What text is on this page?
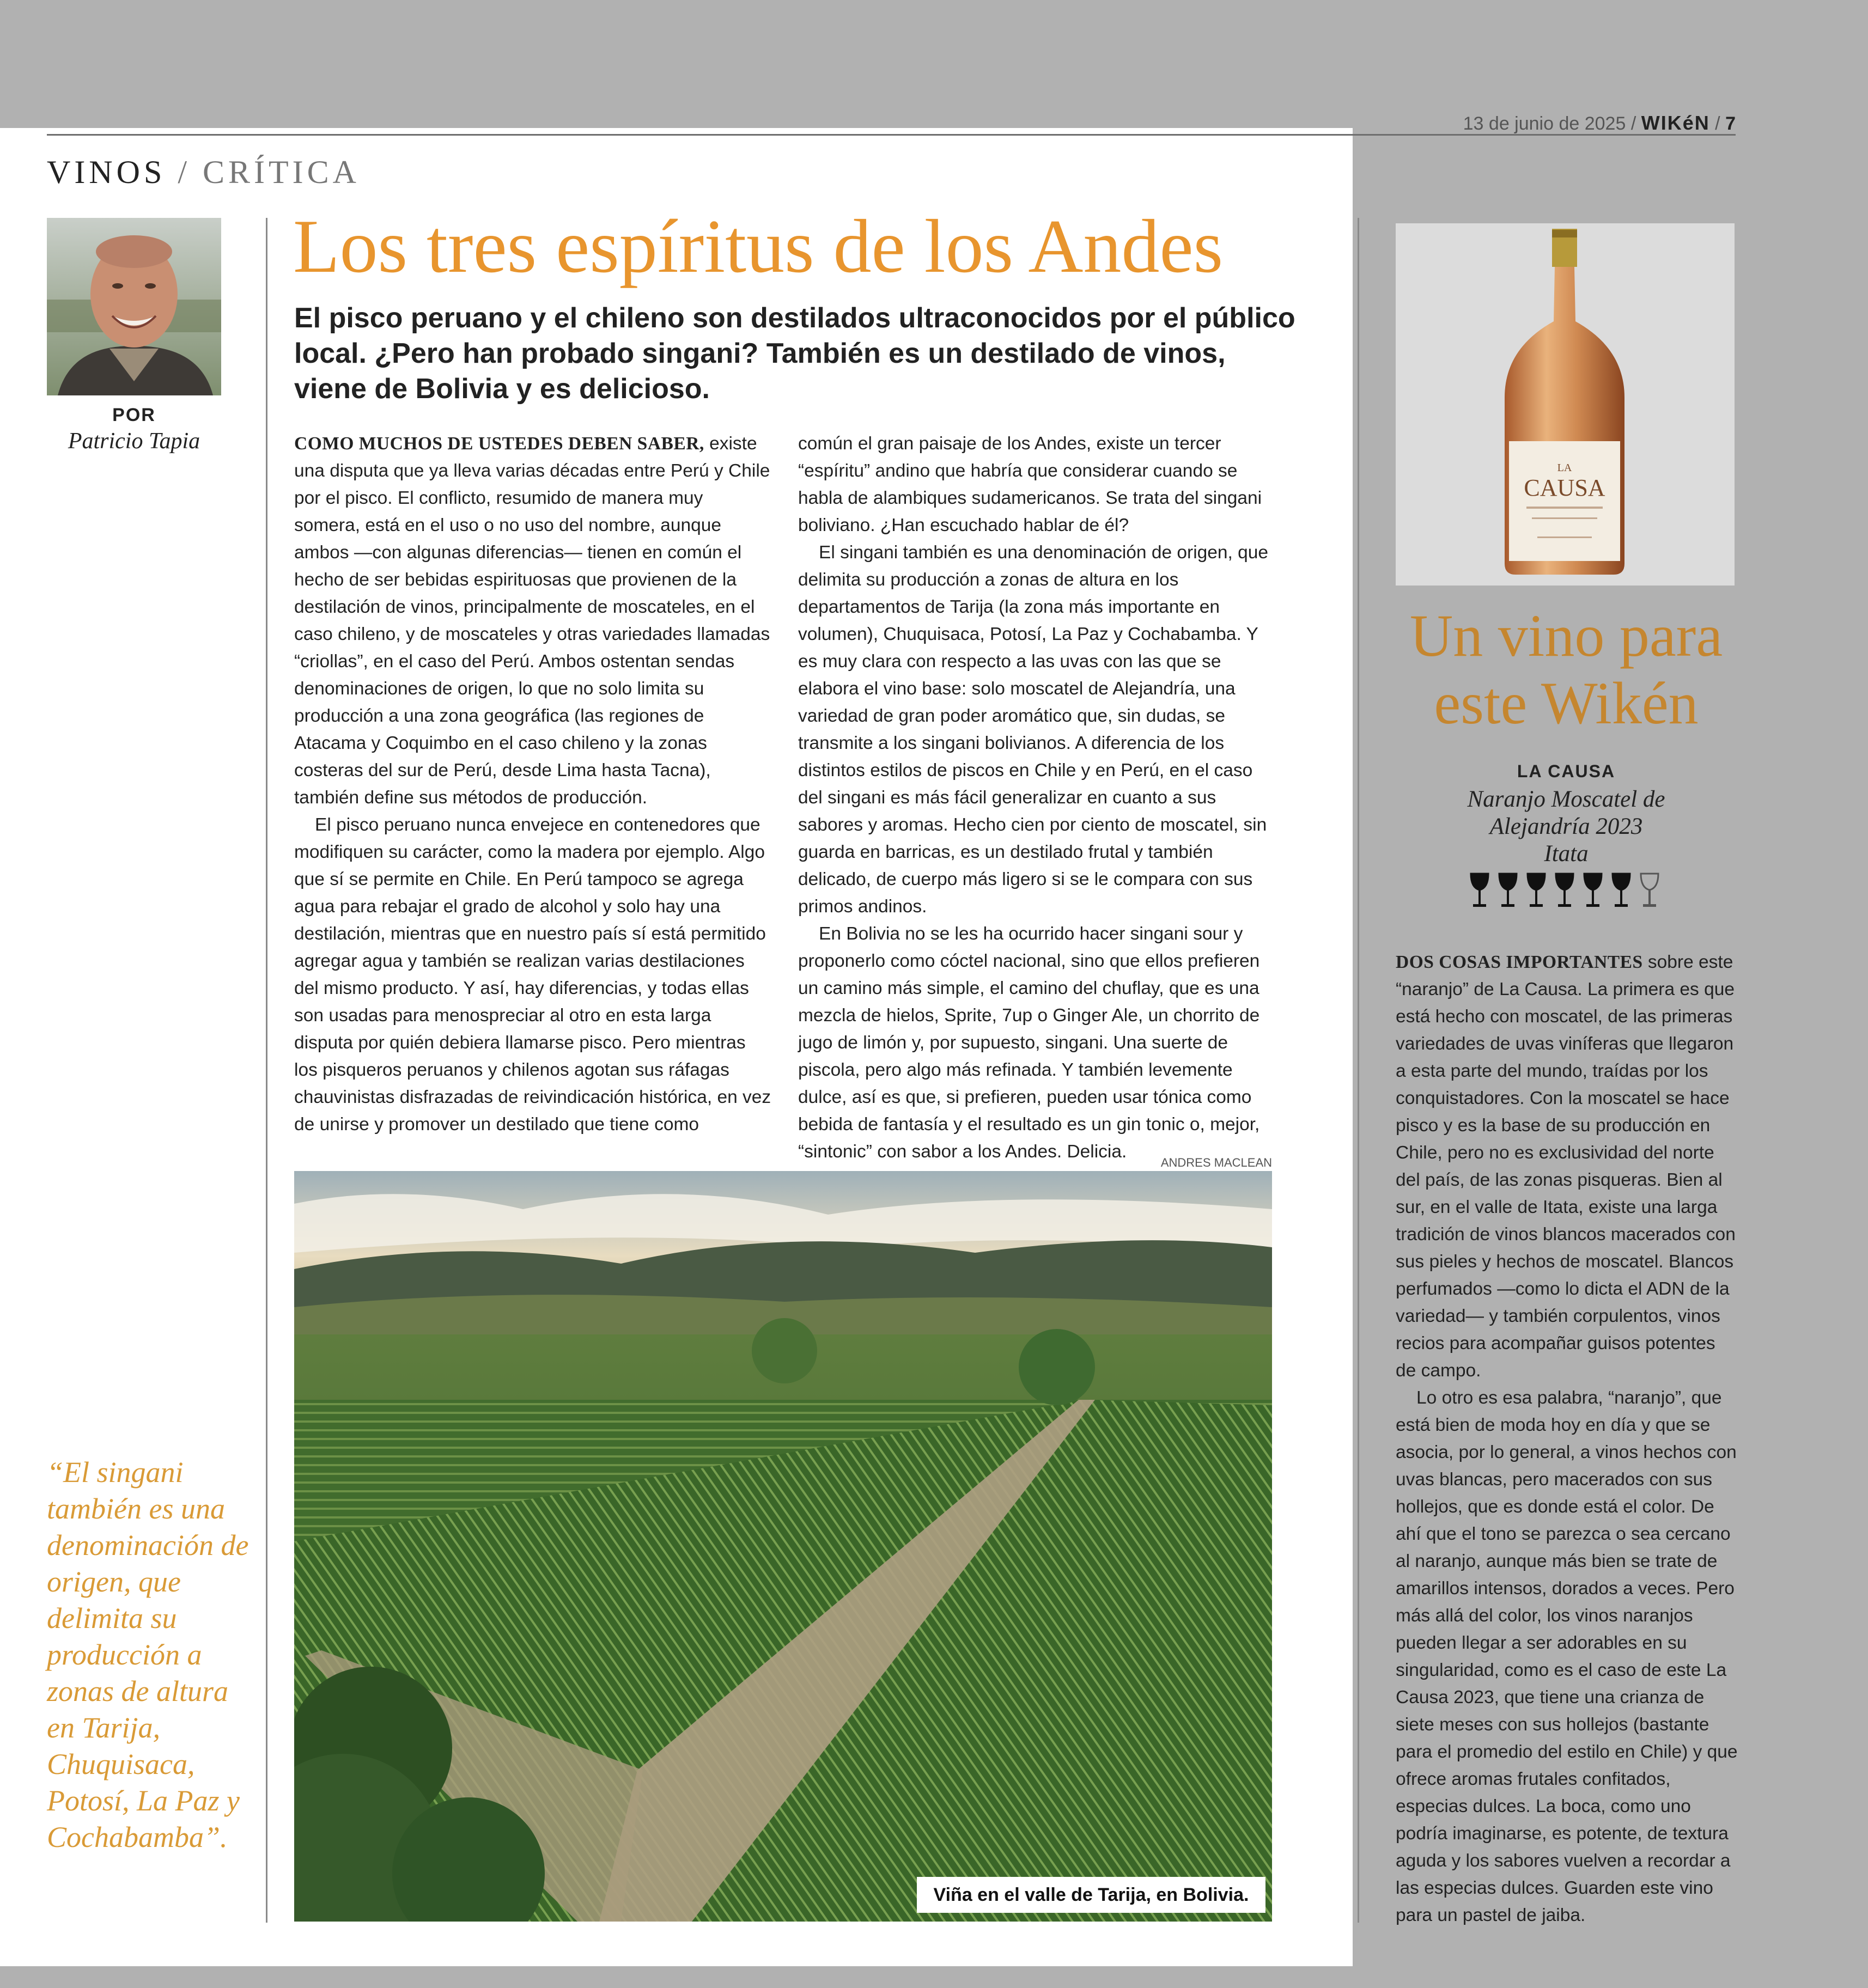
13 de junio de 2025 / WIKéN / 7
VINOS / CRÍTICA
POR
Patricio Tapia
Los tres espíritus de los Andes
El pisco peruano y el chileno son destilados ultraconocidos por el público local. ¿Pero han probado singani? También es un destilado de vinos, viene de Bolivia y es delicioso.

COMO MUCHOS DE USTEDES DEBEN SABER, existe una disputa que ya lleva varias décadas entre Perú y Chile por el pisco. El conflicto, resumido de manera muy somera, está en el uso o no uso del nombre, aunque ambos —con algunas diferencias— tienen en común el hecho de ser bebidas espirituosas que provienen de la destilación de vinos, principalmente de moscateles, en el caso chileno, y de moscateles y otras variedades llamadas “criollas”, en el caso del Perú. Ambos ostentan sendas denominaciones de origen, lo que no solo limita su producción a una zona geográfica (las regiones de Atacama y Coquimbo en el caso chileno y la zonas costeras del sur de Perú, desde Lima hasta Tacna), también define sus métodos de producción.

El pisco peruano nunca envejece en contenedores que modifiquen su carácter, como la madera por ejemplo. Algo que sí se permite en Chile. En Perú tampoco se agrega agua para rebajar el grado de alcohol y solo hay una destilación, mientras que en nuestro país sí está permitido agregar agua y también se realizan varias destilaciones del mismo producto. Y así, hay diferencias, y todas ellas son usadas para menospreciar al otro en esta larga disputa por quién debiera llamarse pisco. Pero mientras los pisqueros peruanos y chilenos agotan sus ráfagas chauvinistas disfrazadas de reivindicación histórica, en vez de unirse y promover un destilado que tiene como

común el gran paisaje de los Andes, existe un tercer “espíritu” andino que habría que considerar cuando se habla de alambiques sudamericanos. Se trata del singani boliviano. ¿Han escuchado hablar de él?

El singani también es una denominación de origen, que delimita su producción a zonas de altura en los departamentos de Tarija (la zona más importante en volumen), Chuquisaca, Potosí, La Paz y Cochabamba. Y es muy clara con respecto a las uvas con las que se elabora el vino base: solo moscatel de Alejandría, una variedad de gran poder aromático que, sin dudas, se transmite a los singani bolivianos. A diferencia de los distintos estilos de piscos en Chile y en Perú, en el caso del singani es más fácil generalizar en cuanto a sus sabores y aromas. Hecho cien por ciento de moscatel, sin guarda en barricas, es un destilado frutal y también delicado, de cuerpo más ligero si se le compara con sus primos andinos.

En Bolivia no se les ha ocurrido hacer singani sour y proponerlo como cóctel nacional, sino que ellos prefieren un camino más simple, el camino del chuflay, que es una mezcla de hielos, Sprite, 7up o Ginger Ale, un chorrito de jugo de limón y, por supuesto, singani. Una suerte de piscola, pero algo más refinada. Y también levemente dulce, así es que, si prefieren, pueden usar tónica como bebida de fantasía y el resultado es un gin tonic o, mejor, “sintonic” con sabor a los Andes. Delicia.

ANDRES MACLEAN
Viña en el valle de Tarija, en Bolivia.
“El singani también es una denominación de origen, que delimita su producción a zonas de altura en Tarija, Chuquisaca, Potosí, La Paz y Cochabamba”.
LA
CAUSA
Un vino para este Wikén
LA CAUSA
Naranjo Moscatel de
Alejandría 2023
Itata

DOS COSAS IMPORTANTES sobre este “naranjo” de La Causa. La primera es que está hecho con moscatel, de las primeras variedades de uvas viníferas que llegaron a esta parte del mundo, traídas por los conquistadores. Con la moscatel se hace pisco y es la base de su producción en Chile, pero no es exclusividad del norte del país, de las zonas pisqueras. Bien al sur, en el valle de Itata, existe una larga tradición de vinos blancos macerados con sus pieles y hechos de moscatel. Blancos perfumados —como lo dicta el ADN de la variedad— y también corpulentos, vinos recios para acompañar guisos potentes de campo.

Lo otro es esa palabra, “naranjo”, que está bien de moda hoy en día y que se asocia, por lo general, a vinos hechos con uvas blancas, pero macerados con sus hollejos, que es donde está el color. De ahí que el tono se parezca o sea cercano al naranjo, aunque más bien se trate de amarillos intensos, dorados a veces. Pero más allá del color, los vinos naranjos pueden llegar a ser adorables en su singularidad, como es el caso de este La Causa 2023, que tiene una crianza de siete meses con sus hollejos (bastante para el promedio del estilo en Chile) y que ofrece aromas frutales confitados, especias dulces. La boca, como uno podría imaginarse, es potente, de textura aguda y los sabores vuelven a recordar a las especias dulces. Guarden este vino para un pastel de jaiba.
